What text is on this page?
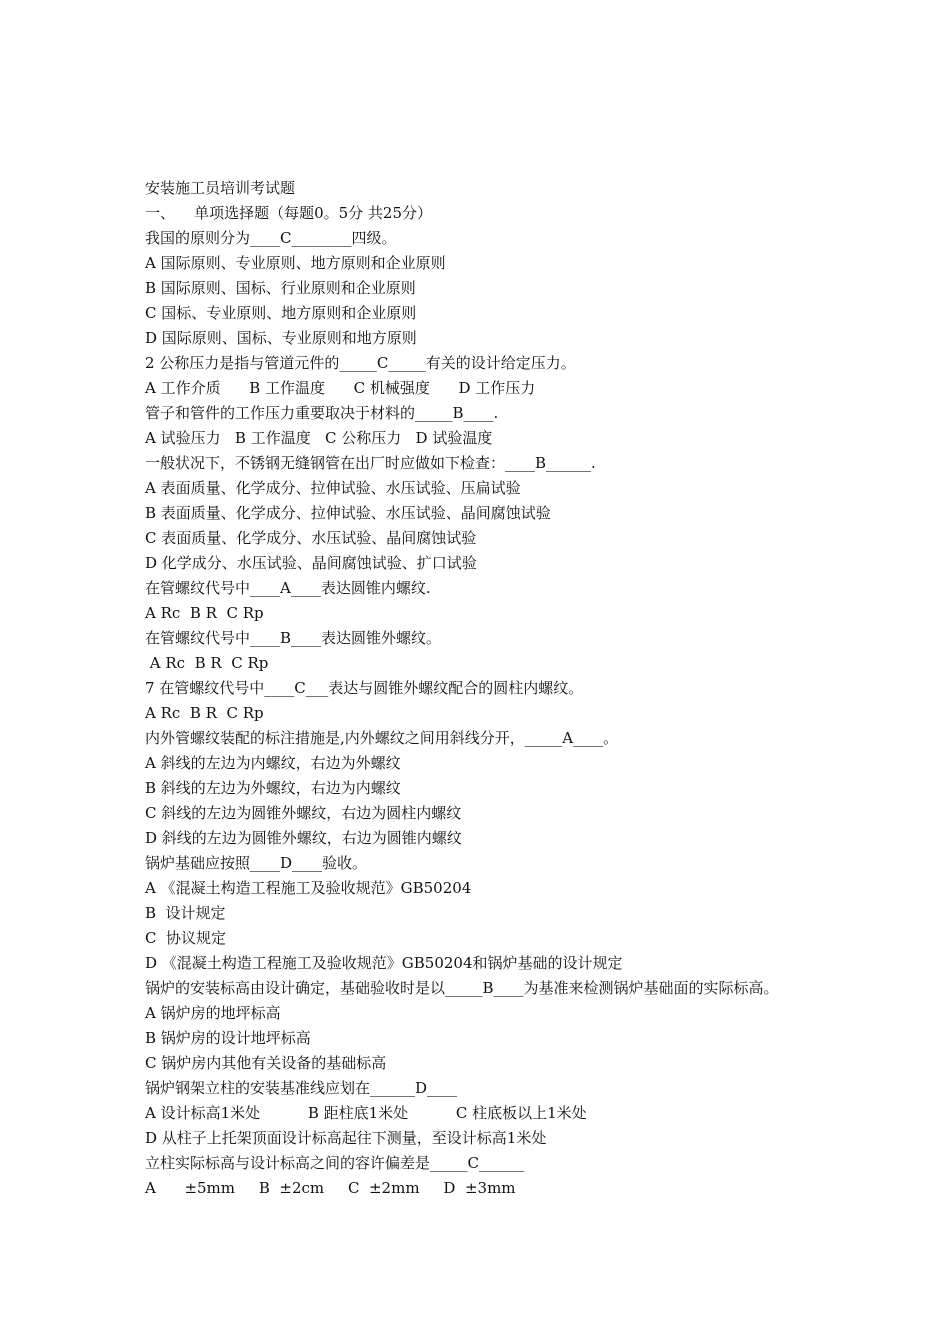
安装施工员培训考试题
一、    单项选择题（每题0。5分 共25分）
我国的原则分为____C________四级。
A 国际原则、专业原则、地方原则和企业原则
B 国际原则、国标、行业原则和企业原则
C 国标、专业原则、地方原则和企业原则
D 国际原则、国标、专业原则和地方原则
2 公称压力是指与管道元件的_____C_____有关的设计给定压力。
A 工作介质      B 工作温度      C 机械强度      D 工作压力
管子和管件的工作压力重要取决于材料的_____B____.
A 试验压力   B 工作温度   C 公称压力   D 试验温度
一般状况下，不锈钢无缝钢管在出厂时应做如下检查：____B______.
A 表面质量、化学成分、拉伸试验、水压试验、压扁试验
B 表面质量、化学成分、拉伸试验、水压试验、晶间腐蚀试验
C 表面质量、化学成分、水压试验、晶间腐蚀试验
D 化学成分、水压试验、晶间腐蚀试验、扩口试验
在管螺纹代号中____A____表达圆锥内螺纹.
A Rc  B R  C Rp
在管螺纹代号中____B____表达圆锥外螺纹。
A Rc  B R  C Rp
7 在管螺纹代号中____C___表达与圆锥外螺纹配合的圆柱内螺纹。
A Rc  B R  C Rp
内外管螺纹装配的标注措施是,内外螺纹之间用斜线分开，_____A____。
A 斜线的左边为内螺纹，右边为外螺纹
B 斜线的左边为外螺纹，右边为内螺纹
C 斜线的左边为圆锥外螺纹，右边为圆柱内螺纹
D 斜线的左边为圆锥外螺纹，右边为圆锥内螺纹
锅炉基础应按照____D____验收。
A 《混凝土构造工程施工及验收规范》GB50204
B  设计规定
C  协议规定
D 《混凝土构造工程施工及验收规范》GB50204和锅炉基础的设计规定
锅炉的安装标高由设计确定，基础验收时是以_____B____为基准来检测锅炉基础面的实际标高。
A 锅炉房的地坪标高
B 锅炉房的设计地坪标高
C 锅炉房内其他有关设备的基础标高
锅炉钢架立柱的安装基准线应划在______D____
A 设计标高1米处          B 距柱底1米处          C 柱底板以上1米处
D 从柱子上托架顶面设计标高起往下测量，至设计标高1米处
立柱实际标高与设计标高之间的容许偏差是_____C______
A      ±5mm     B  ±2cm     C  ±2mm     D  ±3mm
